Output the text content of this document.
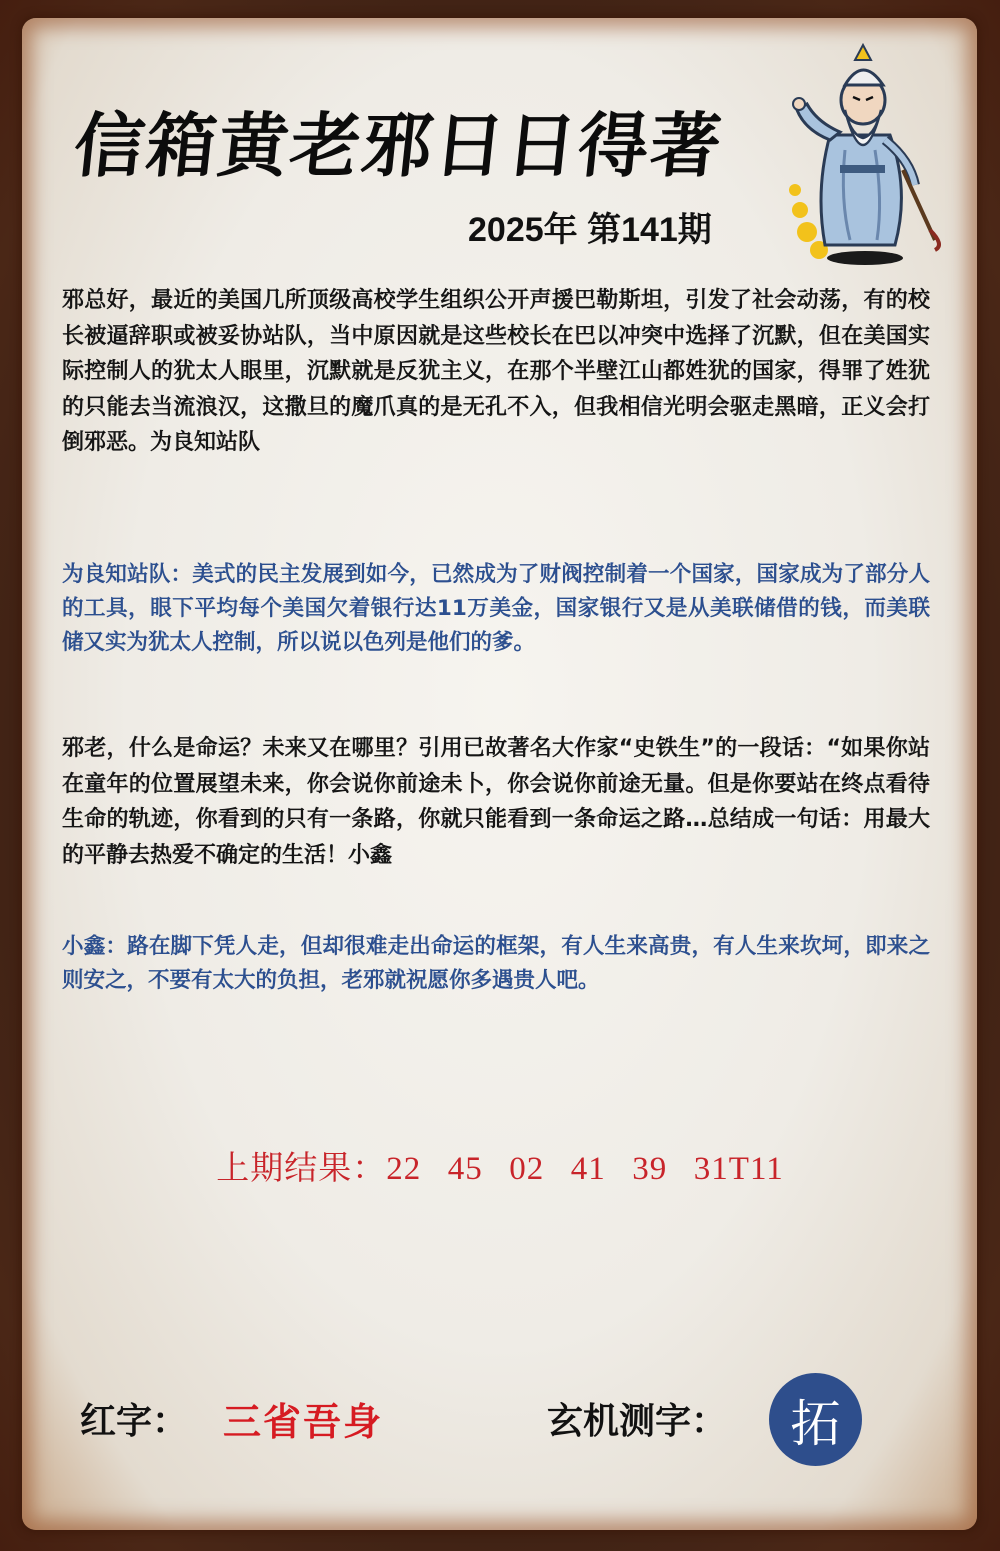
信箱黄老邪日日得著
2025年 第141期

邪总好，最近的美国几所顶级高校学生组织公开声援巴勒斯坦，引发了社会动荡，有的校长被逼辞职或被妥协站队，当中原因就是这些校长在巴以冲突中选择了沉默，但在美国实际控制人的犹太人眼里，沉默就是反犹主义，在那个半壁江山都姓犹的国家，得罪了姓犹的只能去当流浪汉，这撒旦的魔爪真的是无孔不入，但我相信光明会驱走黑暗，正义会打倒邪恶。为良知站队

为良知站队：美式的民主发展到如今，已然成为了财阀控制着一个国家，国家成为了部分人的工具，眼下平均每个美国欠着银行达11万美金，国家银行又是从美联储借的钱，而美联储又实为犹太人控制，所以说以色列是他们的爹。

邪老，什么是命运？未来又在哪里？引用已故著名大作家“史铁生”的一段话：“如果你站在童年的位置展望未来，你会说你前途未卜，你会说你前途无量。但是你要站在终点看待生命的轨迹，你看到的只有一条路，你就只能看到一条命运之路…总结成一句话：用最大的平静去热爱不确定的生活！小鑫

小鑫：路在脚下凭人走，但却很难走出命运的框架，有人生来高贵，有人生来坎坷，即来之则安之，不要有太大的负担，老邪就祝愿你多遇贵人吧。

上期结果：22  45  02  41  39  31T11
红字： 三省吾身	玄机测字： 拓
